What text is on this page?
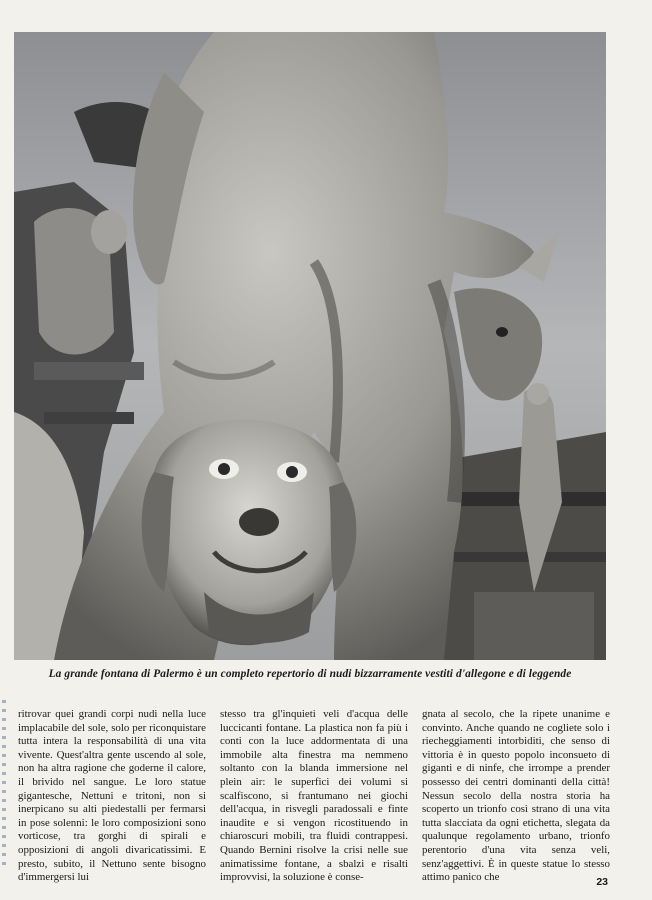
La grande fontana di Palermo è un completo repertorio di nudi bizzarramente vestiti d'allegone e di leggende

ritrovar quei grandi corpi nudi nella luce implacabile del sole, solo per riconquistare tutta intera la responsabilità di una vita vivente. Quest'altra gente uscendo al sole, non ha altra ragione che goderne il calore, il brivido nel sangue. Le loro statue gigantesche, Nettuni e tritoni, non si inerpicano su alti piedestalli per fermarsi in pose solenni: le loro composizioni sono vorticose, tra gorghi di spirali e opposizioni di angoli divaricatissimi. E presto, subito, il Nettuno sente bisogno d'immergersi lui

stesso tra gl'inquieti veli d'acqua delle luccicanti fontane. La plastica non fa più i conti con la luce addormentata di una immobile alta finestra ma nemmeno soltanto con la blanda immersione nel plein air: le superfici dei volumi si scalfiscono, si frantumano nei giochi dell'acqua, in risvegli paradossali e finte inaudite e si vengon ricostituendo in chiaroscuri mobili, tra fluidi contrappesi. Quando Bernini risolve la crisi nelle sue animatissime fontane, a sbalzi e risalti improvvisi, la soluzione è conse-

gnata al secolo, che la ripete unanime e convinto. Anche quando ne cogliete solo i riecheggiamenti intorbiditi, che senso di vittoria è in questo popolo inconsueto di giganti e di ninfe, che irrompe a prender possesso dei centri dominanti della città! Nessun secolo della nostra storia ha scoperto un trionfo così strano di una vita tutta slacciata da ogni etichetta, slegata da qualunque regolamento urbano, trionfo perentorio d'una vita senza veli, senz'aggettivi. È in queste statue lo stesso attimo panico che	23
